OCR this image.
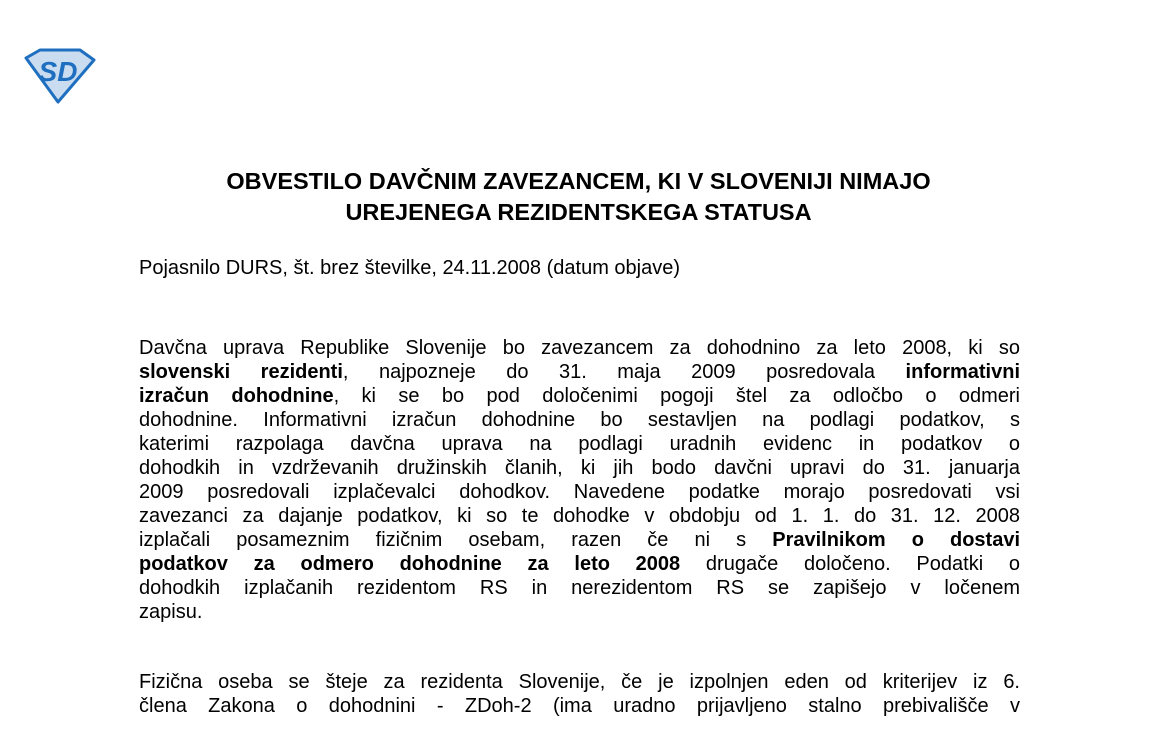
SD
OBVESTILO DAVČNIM ZAVEZANCEM, KI V SLOVENIJI NIMAJO
UREJENEGA REZIDENTSKEGA STATUSA
Pojasnilo DURS, št. brez številke, 24.11.2008 (datum objave)
Davčna uprava Republike Slovenije bo zavezancem za dohodnino za leto 2008, ki so
slovenski rezidenti, najpozneje do 31. maja 2009 posredovala informativni
izračun dohodnine, ki se bo pod določenimi pogoji štel za odločbo o odmeri
dohodnine. Informativni izračun dohodnine bo sestavljen na podlagi podatkov, s
katerimi razpolaga davčna uprava na podlagi uradnih evidenc in podatkov o
dohodkih in vzdrževanih družinskih članih, ki jih bodo davčni upravi do 31. januarja
2009 posredovali izplačevalci dohodkov. Navedene podatke morajo posredovati vsi
zavezanci za dajanje podatkov, ki so te dohodke v obdobju od 1. 1. do 31. 12. 2008
izplačali posameznim fizičnim osebam, razen če ni s Pravilnikom o dostavi
podatkov za odmero dohodnine za leto 2008 drugače določeno. Podatki o
dohodkih izplačanih rezidentom RS in nerezidentom RS se zapišejo v ločenem
zapisu.
Fizična oseba se šteje za rezidenta Slovenije, če je izpolnjen eden od kriterijev iz 6.
člena Zakona o dohodnini - ZDoh-2 (ima uradno prijavljeno stalno prebivališče v
